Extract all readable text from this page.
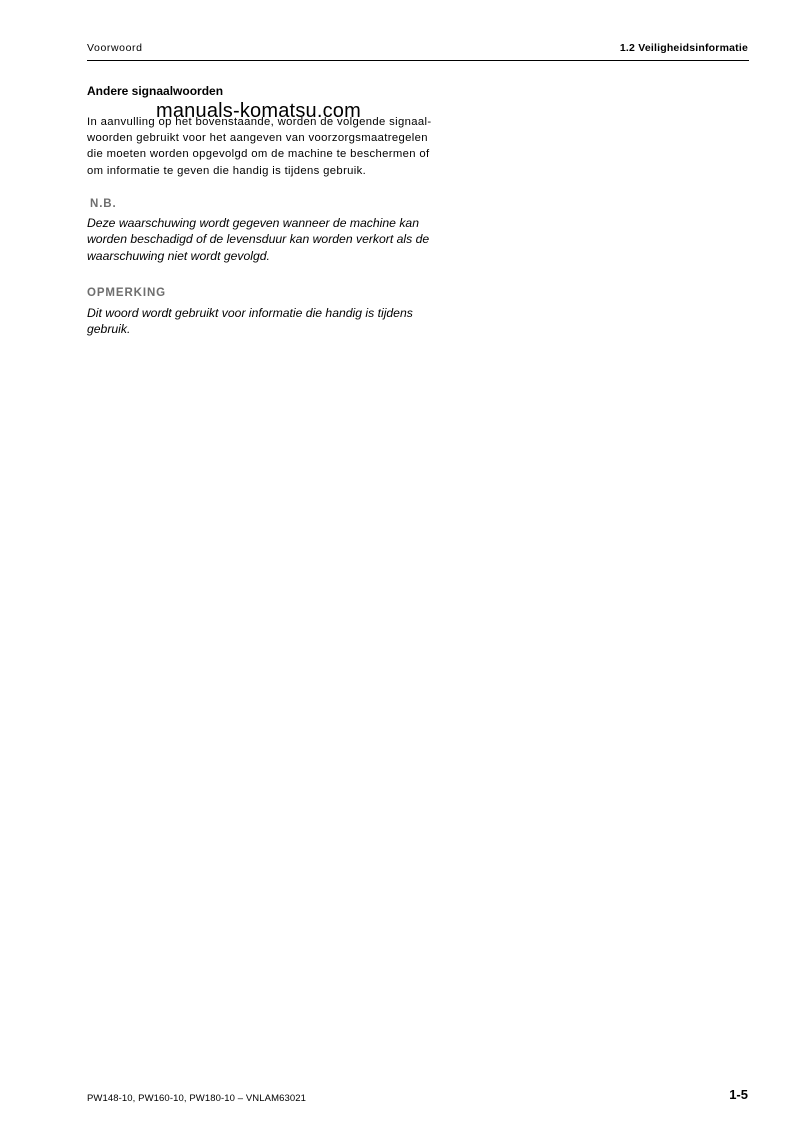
Voorwoord	1.2 Veiligheidsinformatie
Andere signaalwoorden
In aanvulling op het bovenstaande, worden de volgende signaal-
woorden gebruikt voor het aangeven van voorzorgsmaatregelen
die moeten worden opgevolgd om de machine te beschermen of
om informatie te geven die handig is tijdens gebruik.
manuals-komatsu.com
N.B.
Deze waarschuwing wordt gegeven wanneer de machine kan
worden beschadigd of de levensduur kan worden verkort als de
waarschuwing niet wordt gevolgd.
OPMERKING
Dit woord wordt gebruikt voor informatie die handig is tijdens
gebruik.
PW148-10, PW160-10, PW180-10 – VNLAM63021	1-5
